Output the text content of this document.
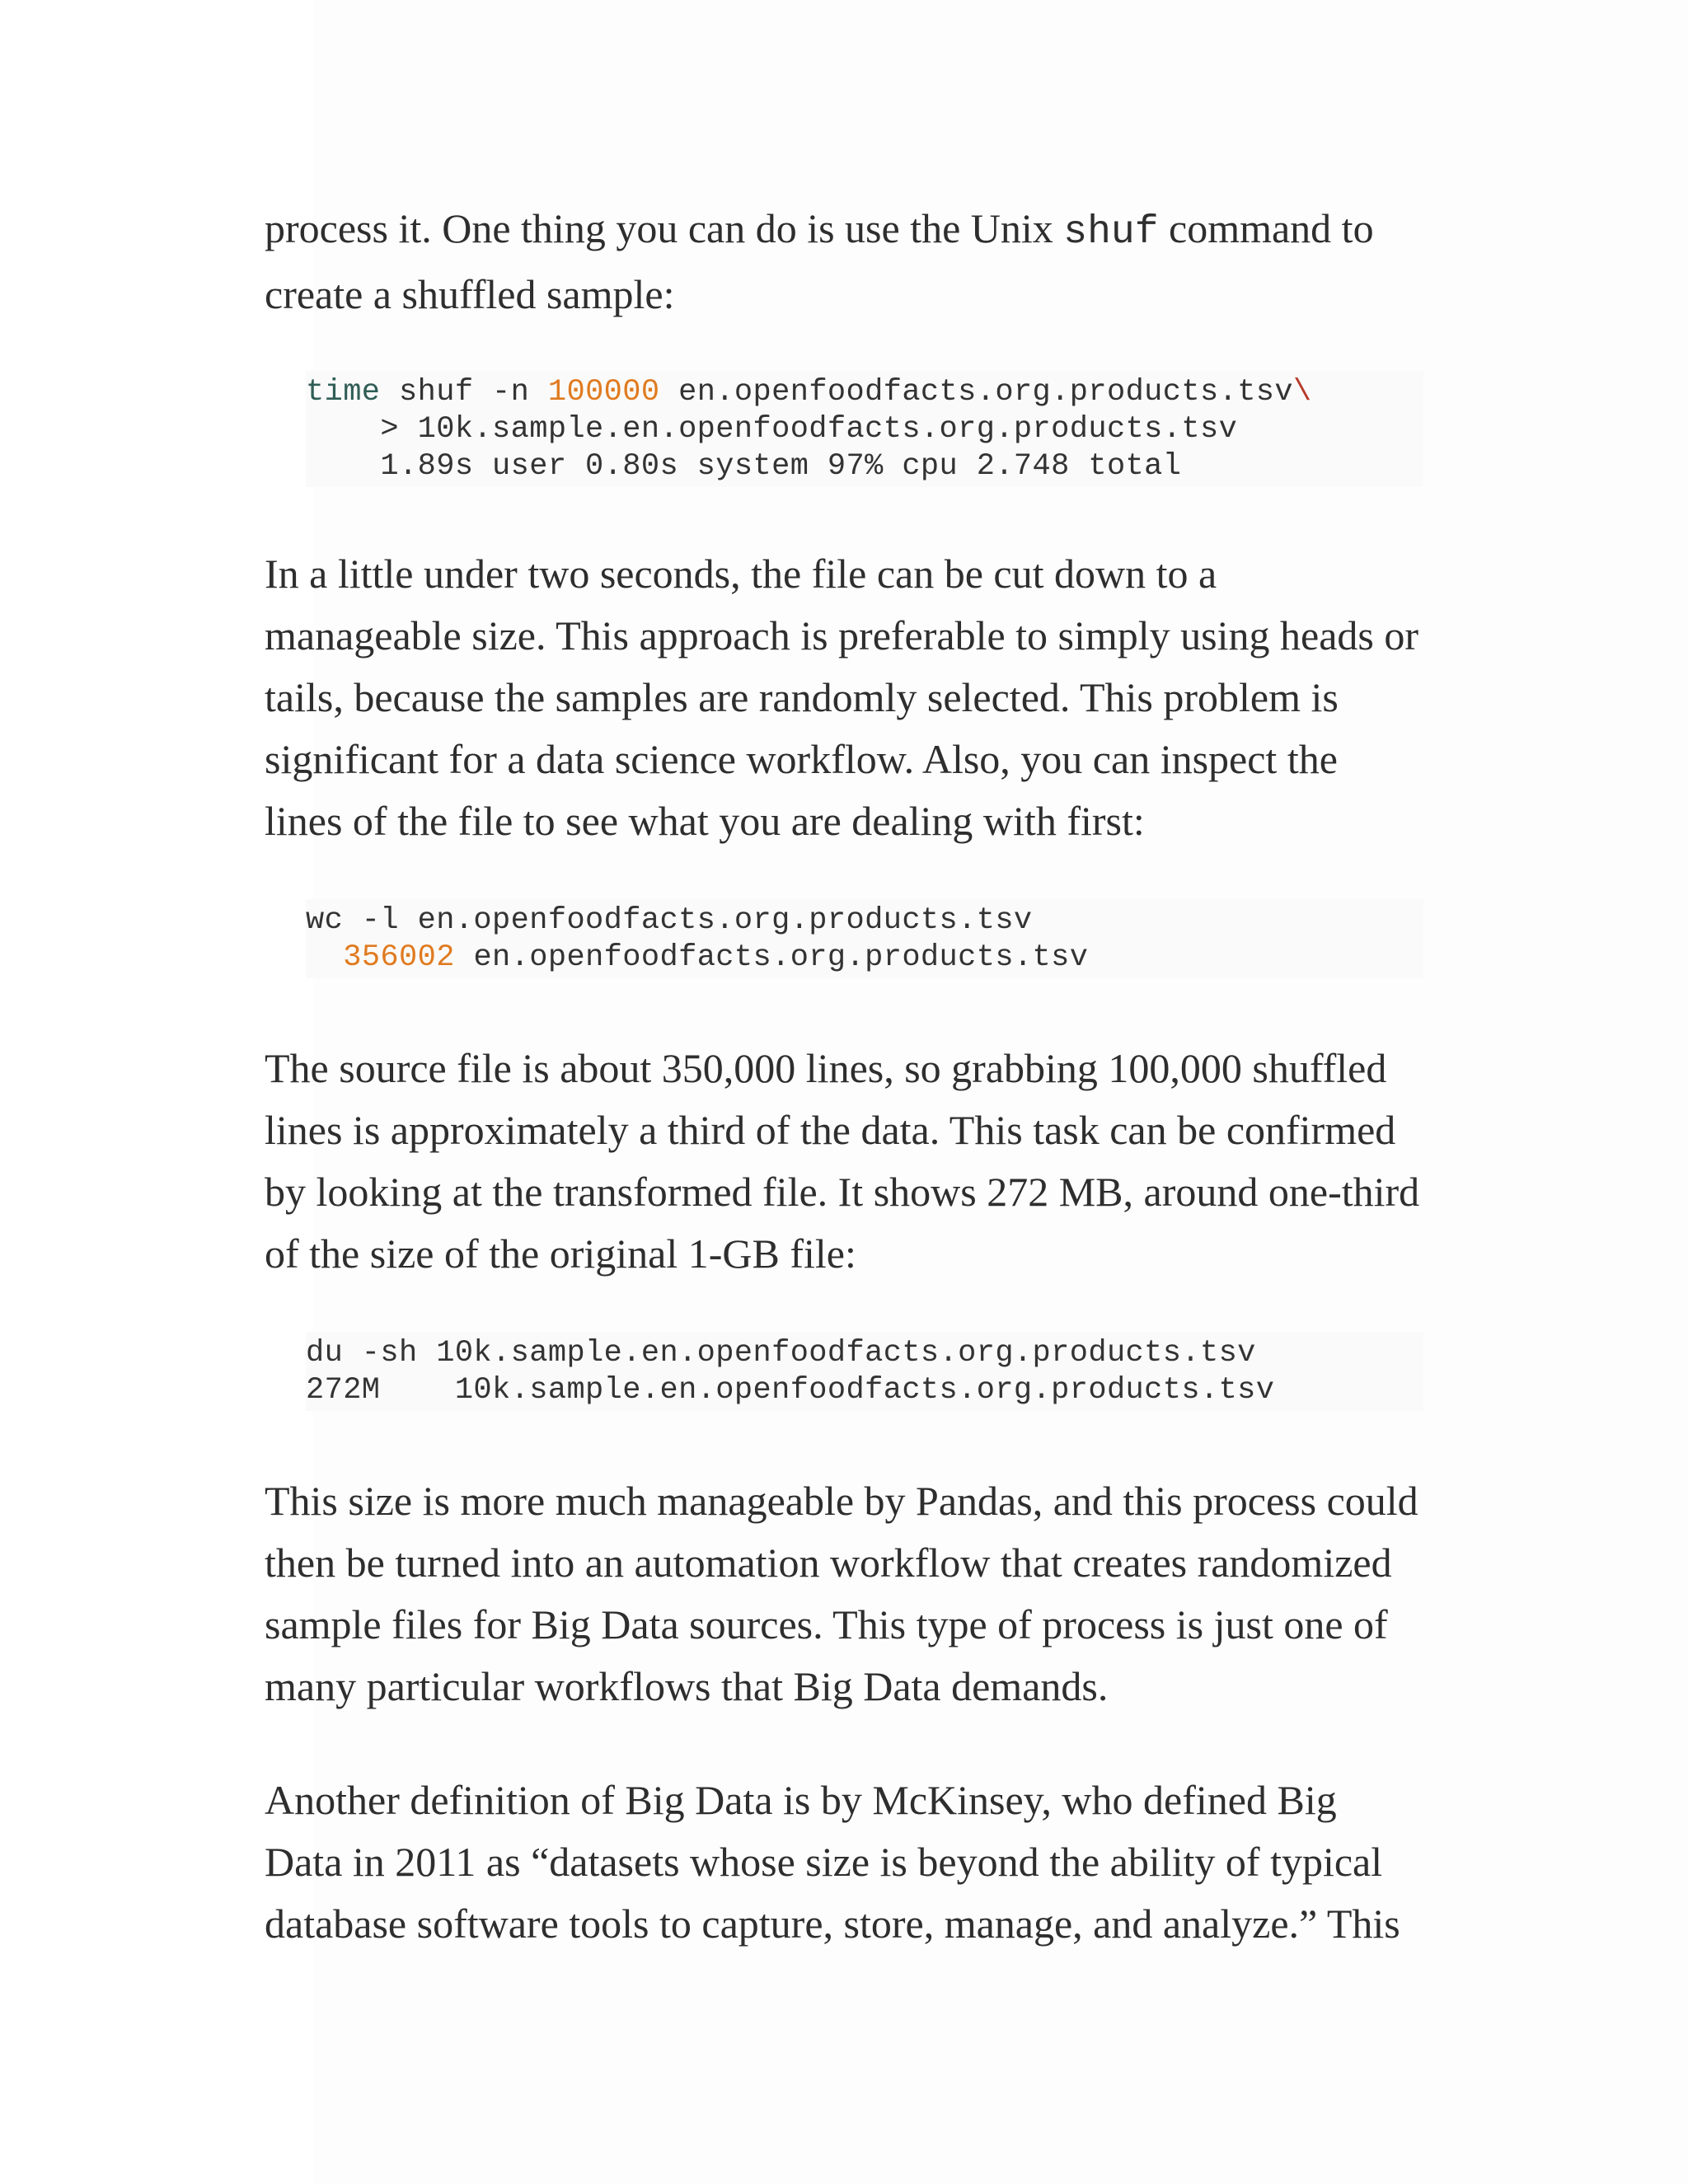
process it. One thing you can do is use the Unix shuf command to create a shuffled sample:

time shuf -n 100000 en.openfoodfacts.org.products.tsv\
> 10k.sample.en.openfoodfacts.org.products.tsv
1.89s user 0.80s system 97% cpu 2.748 total

In a little under two seconds, the file can be cut down to a manageable size. This approach is preferable to simply using heads or tails, because the samples are randomly selected. This problem is significant for a data science workflow. Also, you can inspect the lines of the file to see what you are dealing with first:

wc -l en.openfoodfacts.org.products.tsv
356002 en.openfoodfacts.org.products.tsv

The source file is about 350,000 lines, so grabbing 100,000 shuffled lines is approximately a third of the data. This task can be confirmed by looking at the transformed file. It shows 272 MB, around one-third of the size of the original 1-GB file:

du -sh 10k.sample.en.openfoodfacts.org.products.tsv
272M    10k.sample.en.openfoodfacts.org.products.tsv

This size is more much manageable by Pandas, and this process could then be turned into an automation workflow that creates randomized sample files for Big Data sources. This type of process is just one of many particular workflows that Big Data demands.

Another definition of Big Data is by McKinsey, who defined Big Data in 2011 as “datasets whose size is beyond the ability of typical database software tools to capture, store, manage, and analyze.” This
